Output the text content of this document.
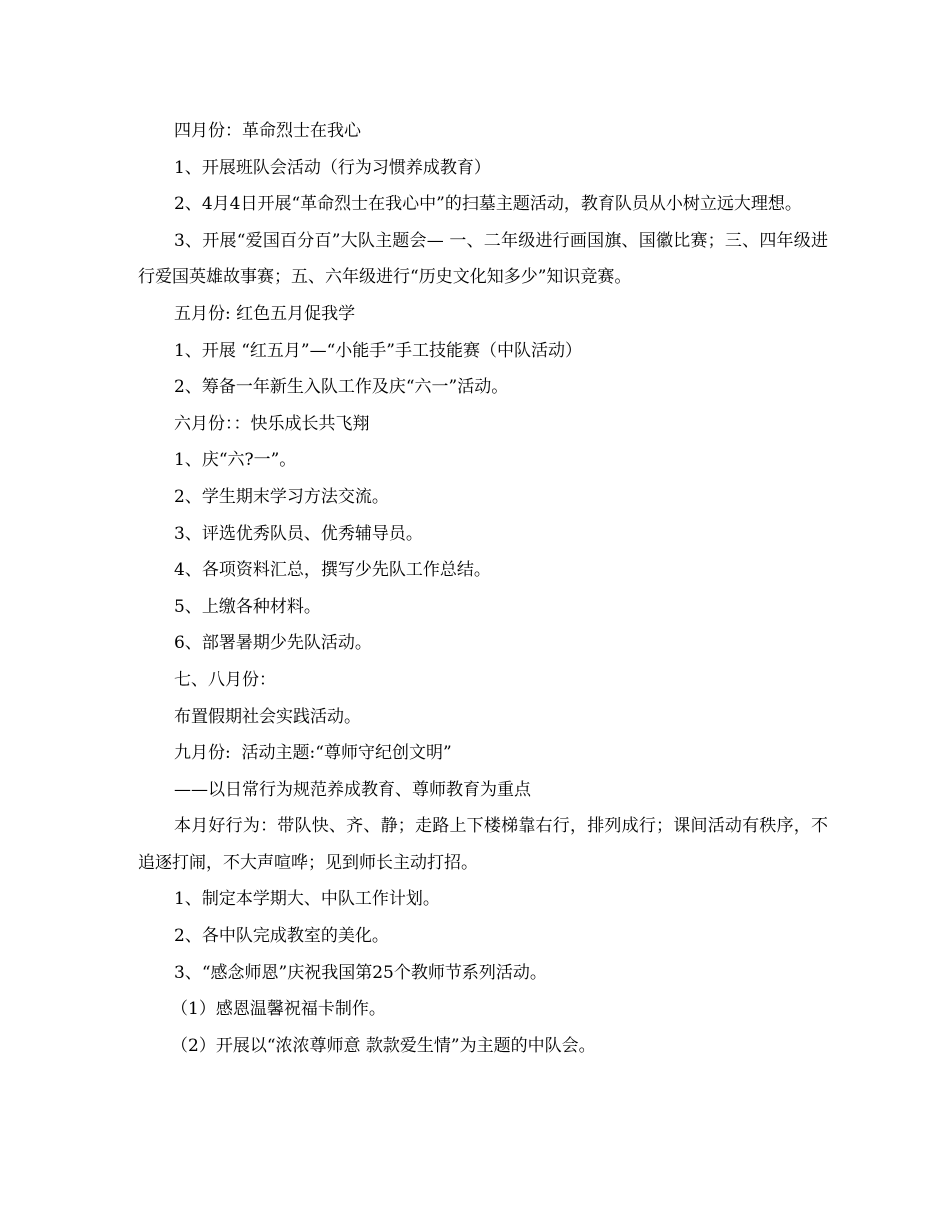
四月份：革命烈士在我心

1、开展班队会活动（行为习惯养成教育）

2、4月4日开展“革命烈士在我心中”的扫墓主题活动，教育队员从小树立远大理想。

3、开展“爱国百分百”大队主题会— 一、二年级进行画国旗、国徽比赛；三、四年级进行爱国英雄故事赛；五、六年级进行“历史文化知多少”知识竞赛。

五月份: 红色五月促我学

1、开展 “红五月”—“小能手”手工技能赛（中队活动）

2、筹备一年新生入队工作及庆“六一”活动。

六月份：：快乐成长共飞翔

1、庆“六?一”。

2、学生期末学习方法交流。

3、评选优秀队员、优秀辅导员。

4、各项资料汇总，撰写少先队工作总结。

5、上缴各种材料。

6、部署暑期少先队活动。

七、八月份：

布置假期社会实践活动。

九月份:  活动主题:“尊师守纪创文明”

——以日常行为规范养成教育、尊师教育为重点

本月好行为：带队快、齐、静；走路上下楼梯靠右行，排列成行；课间活动有秩序，不追逐打闹，不大声喧哗；见到师长主动打招。

1、制定本学期大、中队工作计划。

2、各中队完成教室的美化。

3、“感念师恩”庆祝我国第25个教师节系列活动。

（1）感恩温馨祝福卡制作。

（2）开展以“浓浓尊师意 款款爱生情”为主题的中队会。
